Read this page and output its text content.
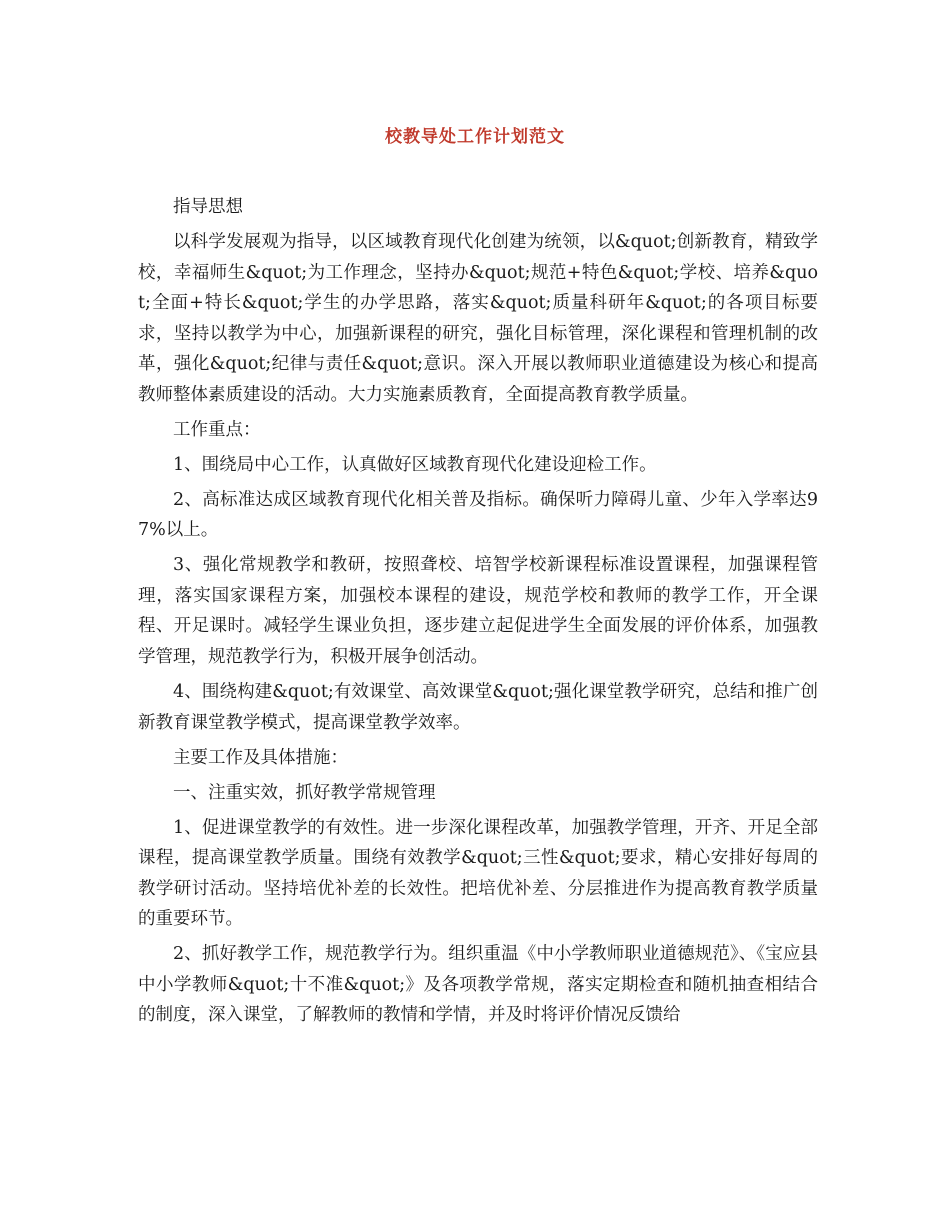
校教导处工作计划范文

指导思想

以科学发展观为指导，以区域教育现代化创建为统领，以&quot;创新教育，精致学校，幸福师生&quot;为工作理念，坚持办&quot;规范+特色&quot;学校、培养&quot;全面+特长&quot;学生的办学思路，落实&quot;质量科研年&quot;的各项目标要求，坚持以教学为中心，加强新课程的研究，强化目标管理，深化课程和管理机制的改革，强化&quot;纪律与责任&quot;意识。深入开展以教师职业道德建设为核心和提高教师整体素质建设的活动。大力实施素质教育，全面提高教育教学质量。

工作重点：

1、围绕局中心工作，认真做好区域教育现代化建设迎检工作。

2、高标准达成区域教育现代化相关普及指标。确保听力障碍儿童、少年入学率达97%以上。

3、强化常规教学和教研，按照聋校、培智学校新课程标准设置课程，加强课程管理，落实国家课程方案，加强校本课程的建设，规范学校和教师的教学工作，开全课程、开足课时。减轻学生课业负担，逐步建立起促进学生全面发展的评价体系，加强教学管理，规范教学行为，积极开展争创活动。

4、围绕构建&quot;有效课堂、高效课堂&quot;强化课堂教学研究，总结和推广创新教育课堂教学模式，提高课堂教学效率。

主要工作及具体措施：

一、注重实效，抓好教学常规管理

1、促进课堂教学的有效性。进一步深化课程改革，加强教学管理，开齐、开足全部课程，提高课堂教学质量。围绕有效教学&quot;三性&quot;要求，精心安排好每周的教学研讨活动。坚持培优补差的长效性。把培优补差、分层推进作为提高教育教学质量的重要环节。

2、抓好教学工作，规范教学行为。组织重温《中小学教师职业道德规范》、《宝应县中小学教师&quot;十不准&quot;》及各项教学常规，落实定期检查和随机抽查相结合的制度，深入课堂，了解教师的教情和学情，并及时将评价情况反馈给
